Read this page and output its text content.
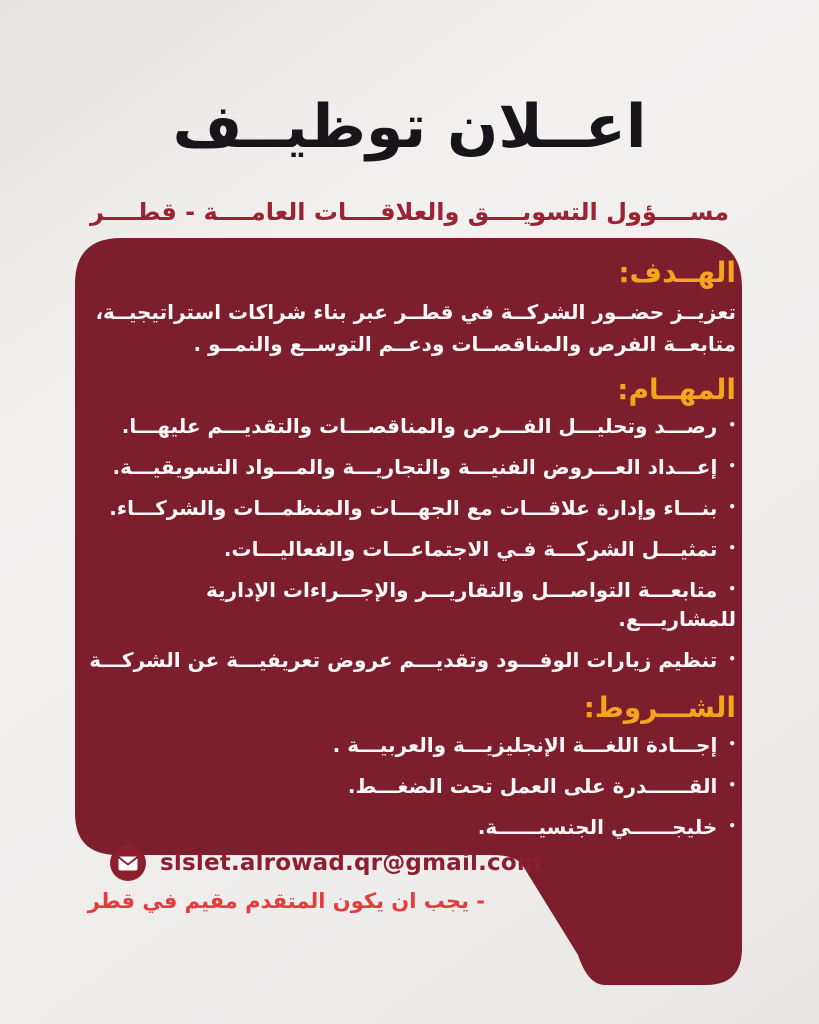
اعــلان توظيــف
مســــؤول التسويــــق والعلاقــــات العامــــة - قطــــر
الهــدف:

تعزيــز حضــور الشركــة في قطــر عبر بناء شراكات استراتيجيــة، متابعــة الفرص والمناقصــات ودعــم التوســع والنمــو .

المهــام:
• رصـــد وتحليـــل الفـــرص والمناقصـــات والتقديـــم عليهـــا.
• إعـــداد العـــروض الفنيـــة والتجاريـــة والمـــواد التسويقيـــة.
• بنـــاء وإدارة علاقـــات مع الجهـــات والمنظمـــات والشركـــاء.
• تمثيـــل الشركـــة فـي الاجتماعـــات والفعاليـــات.
• متابعـــة التواصـــل والتقاريـــر والإجـــراءات الإدارية للمشاريـــع.
• تنظيم زيارات الوفـــود وتقديـــم عروض تعريفيـــة عن الشركـــة
الشـــروط:
• إجـــادة اللغـــة الإنجليزيـــة والعربيـــة .
• القــــــدرة على العمل تحت الضغـــط.
• خليجــــــي الجنسيــــــة.
slslet.alrowad.qr@gmail.com
- يجب ان يكون المتقدم مقيم في قطر
